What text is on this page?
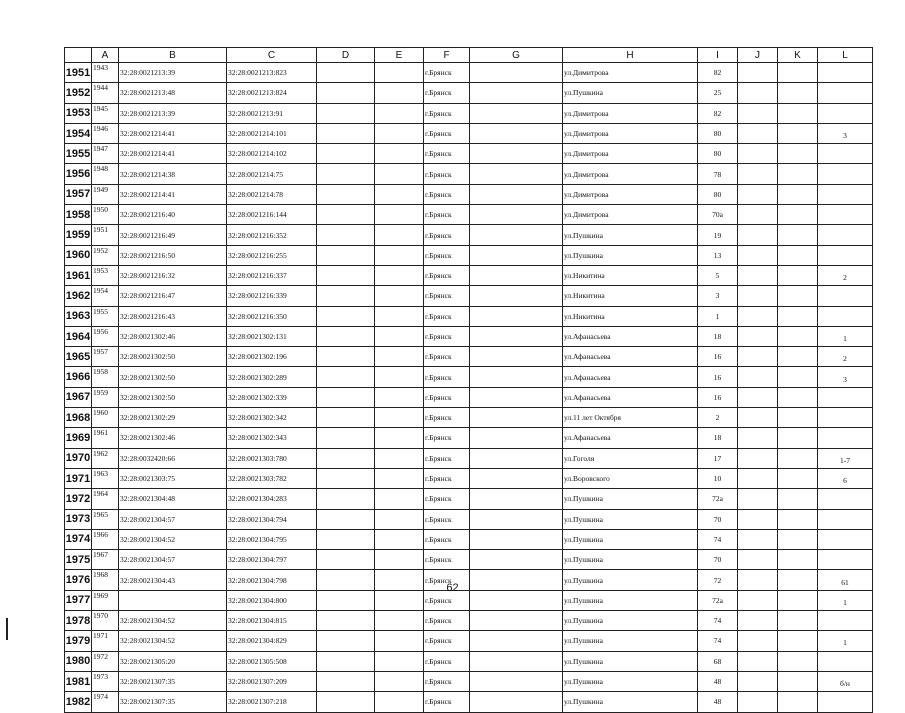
	A	B	C	D	E	F	G	H	I	J	K	L
1951	1943	32:28:0021213:39	32:28:0021213:823			г.Брянск		ул.Димитрова	82			
1952	1944	32:28:0021213:48	32:28:0021213:824			г.Брянск		ул.Пушкина	25			
1953	1945	32:28:0021213:39	32:28:0021213:91			г.Брянск		ул.Димитрова	82			
1954	1946	32:28:0021214:41	32:28:0021214:101			г.Брянск		ул.Димитрова	80			3
1955	1947	32:28:0021214:41	32:28:0021214:102			г.Брянск		ул.Димитрова	80			
1956	1948	32:28:0021214:38	32:28:0021214:75			г.Брянск		ул.Димитрова	78			
1957	1949	32:28:0021214:41	32:28:0021214:78			г.Брянск		ул.Димитрова	80			
1958	1950	32:28:0021216:40	32:28:0021216:144			г.Брянск		ул.Димитрова	70а			
1959	1951	32:28:0021216:49	32:28:0021216:352			г.Брянск		ул.Пушкина	19			
1960	1952	32:28:0021216:50	32:28:0021216:255			г.Брянск		ул.Пушкина	13			
1961	1953	32:28:0021216:32	32:28:0021216:337			г.Брянск		ул.Никитина	5			2
1962	1954	32:28:0021216:47	32:28:0021216:339			г.Брянск		ул.Никитина	3			
1963	1955	32:28:0021216:43	32:28:0021216:350			г.Брянск		ул.Никитина	1			
1964	1956	32:28:0021302:46	32:28:0021302:131			г.Брянск		ул.Афанасьева	18			1
1965	1957	32:28:0021302:50	32:28:0021302:196			г.Брянск		ул.Афанасьева	16			2
1966	1958	32:28:0021302:50	32:28:0021302:289			г.Брянск		ул.Афанасьева	16			3
1967	1959	32:28:0021302:50	32:28:0021302:339			г.Брянск		ул.Афанасьева	16			
1968	1960	32:28:0021302:29	32:28:0021302:342			г.Брянск		ул.11 лет Октября	2			
1969	1961	32:28:0021302:46	32:28:0021302:343			г.Брянск		ул.Афанасьева	18			
1970	1962	32:28:0032420:66	32:28:0021303:780			г.Брянск		ул.Гоголя	17			1-7
1971	1963	32:28:0021303:75	32:28:0021303:782			г.Брянск		ул.Воровского	10			6
1972	1964	32:28:0021304:48	32:28:0021304:283			г.Брянск		ул.Пушкина	72а			
1973	1965	32:28:0021304:57	32:28:0021304:794			г.Брянск		ул.Пушкина	70			
1974	1966	32:28:0021304:52	32:28:0021304:795			г.Брянск		ул.Пушкина	74			
1975	1967	32:28:0021304:57	32:28:0021304:797			г.Брянск		ул.Пушкина	70			
1976	1968	32:28:0021304:43	32:28:0021304:798			г.Брянск		ул.Пушкина	72			61
1977	1969		32:28:0021304:800			г.Брянск		ул.Пушкина	72а			1
1978	1970	32:28:0021304:52	32:28:0021304:815			г.Брянск		ул.Пушкина	74			
1979	1971	32:28:0021304:52	32:28:0021304:829			г.Брянск		ул.Пушкина	74			1
1980	1972	32:28:0021305:20	32:28:0021305:508			г.Брянск		ул.Пушкина	68			
1981	1973	32:28:0021307:35	32:28:0021307:209			г.Брянск		ул.Пушкина	48			б/н
1982	1974	32:28:0021307:35	32:28:0021307:218			г.Брянск		ул.Пушкина	48			
62
